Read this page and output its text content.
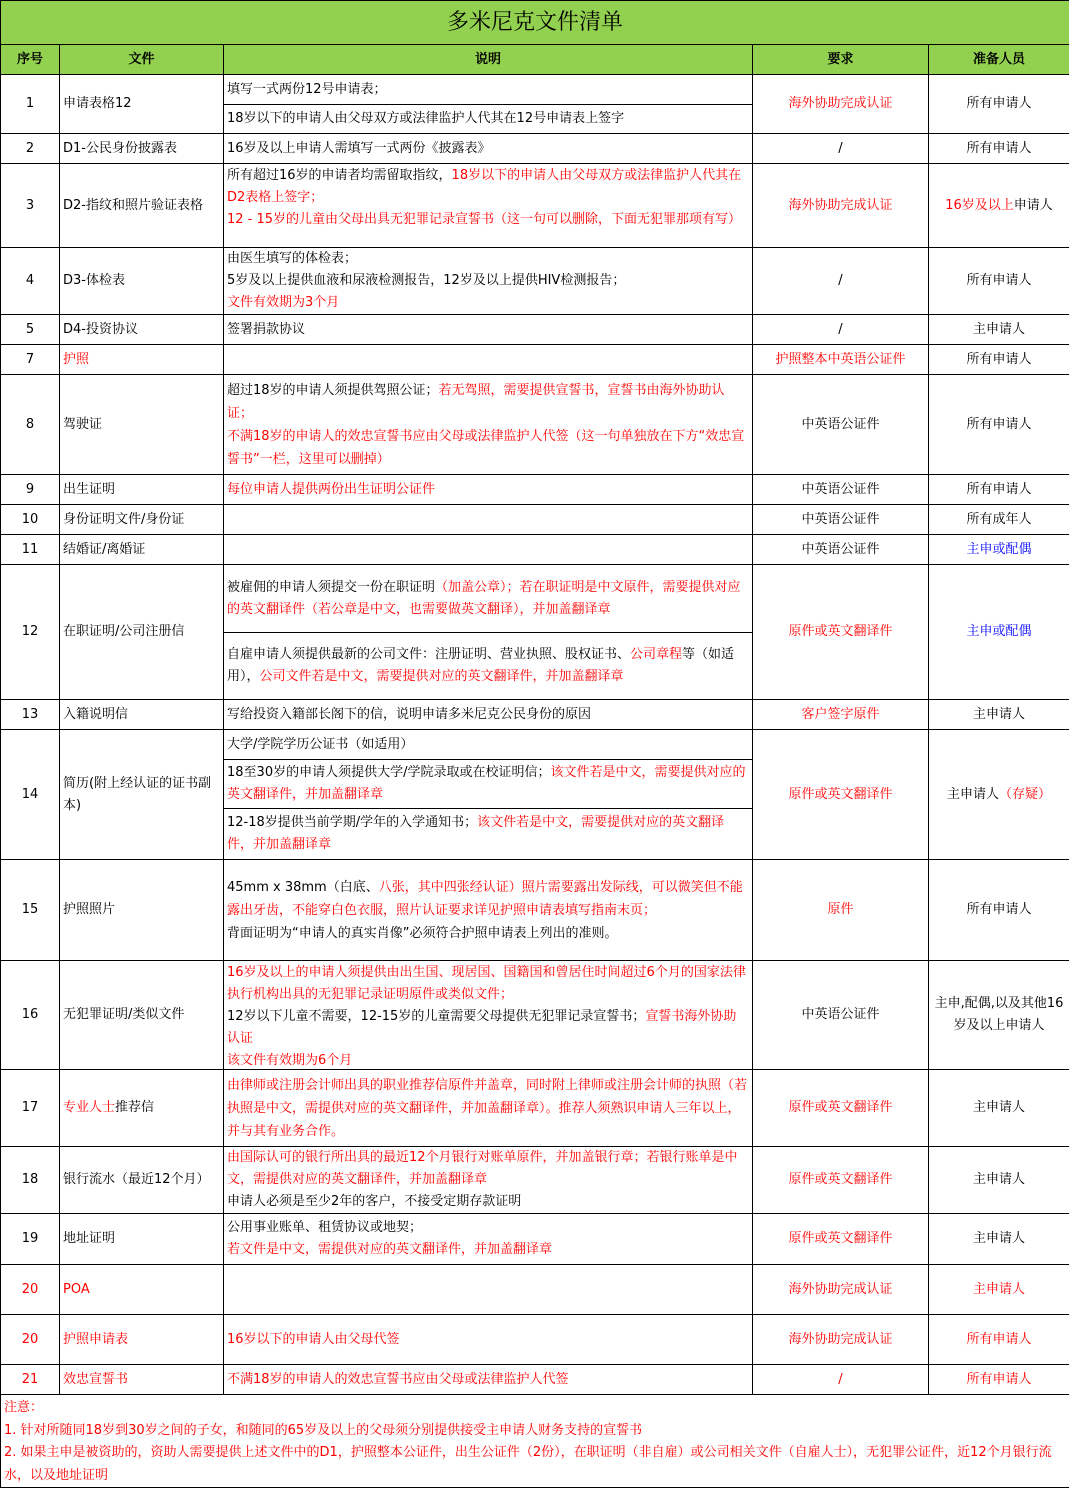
多米尼克文件清单
序号	文件	说明	要求	准备人员
1	申请表格12	
填写一式两份12号申请表；
18岁以下的申请人由父母双方或法律监护人代其在12号申请表上签字
	海外协助完成认证	所有申请人
2	D1-公民身份披露表	16岁及以上申请人需填写一式两份《披露表》	/	所有申请人
3	D2-指纹和照片验证表格	
所有超过16岁的申请者均需留取指纹，18岁以下的申请人由父母双方或法律监护人代其在D2表格上签字；
12 - 15岁的儿童由父母出具无犯罪记录宣誓书（这一句可以删除，下面无犯罪那项有写）
	海外协助完成认证	16岁及以上申请人
4	D3-体检表	由医生填写的体检表；
5岁及以上提供血液和尿液检测报告，12岁及以上提供HIV检测报告；
文件有效期为3个月	/	所有申请人
5	D4-投资协议	签署捐款协议	/	主申请人
7	护照		护照整本中英语公证件	所有申请人
8	驾驶证	超过18岁的申请人须提供驾照公证；若无驾照，需要提供宣誓书，宣誓书由海外协助认证；
不满18岁的申请人的效忠宣誓书应由父母或法律监护人代签（这一句单独放在下方“效忠宣誓书”一栏，这里可以删掉）	中英语公证件	所有申请人
9	出生证明	每位申请人提供两份出生证明公证件	中英语公证件	所有申请人
10	身份证明文件/身份证		中英语公证件	所有成年人
11	结婚证/离婚证		中英语公证件	主申或配偶
12	在职证明/公司注册信	
被雇佣的申请人须提交一份在职证明（加盖公章）；若在职证明是中文原件，需要提供对应的英文翻译件（若公章是中文，也需要做英文翻译），并加盖翻译章
自雇申请人须提供最新的公司文件：注册证明、营业执照、股权证书、公司章程等（如适用），公司文件若是中文，需要提供对应的英文翻译件，并加盖翻译章
	原件或英文翻译件	主申或配偶
13	入籍说明信	写给投资入籍部长阁下的信，说明申请多米尼克公民身份的原因	客户签字原件	主申请人
14	简历(附上经认证的证书副本)	
大学/学院学历公证书（如适用）
18至30岁的申请人须提供大学/学院录取或在校证明信；该文件若是中文，需要提供对应的英文翻译件，并加盖翻译章
12-18岁提供当前学期/学年的入学通知书；该文件若是中文，需要提供对应的英文翻译件，并加盖翻译章
	原件或英文翻译件	主申请人（存疑）
15	护照照片	45mm x 38mm（白底、八张，其中四张经认证）照片需要露出发际线，可以微笑但不能露出牙齿，不能穿白色衣服，照片认证要求详见护照申请表填写指南末页；
背面证明为“申请人的真实肖像”必须符合护照申请表上列出的准则。	原件	所有申请人
16	无犯罪证明/类似文件	
16岁及以上的申请人须提供由出生国、现居国、国籍国和曾居住时间超过6个月的国家法律执行机构出具的无犯罪记录证明原件或类似文件；
12岁以下儿童不需要，12-15岁的儿童需要父母提供无犯罪记录宣誓书；宣誓书海外协助认证
该文件有效期为6个月
	中英语公证件	主申,配偶,以及其他16岁及以上申请人
17	专业人士推荐信	由律师或注册会计师出具的职业推荐信原件并盖章，同时附上律师或注册会计师的执照（若执照是中文，需提供对应的英文翻译件，并加盖翻译章）。推荐人须熟识申请人三年以上，并与其有业务合作。	原件或英文翻译件	主申请人
18	银行流水（最近12个月）	由国际认可的银行所出具的最近12个月银行对账单原件，并加盖银行章；若银行账单是中文，需提供对应的英文翻译件，并加盖翻译章
申请人必须是至少2年的客户，不接受定期存款证明	原件或英文翻译件	主申请人
19	地址证明	公用事业账单、租赁协议或地契；
若文件是中文，需提供对应的英文翻译件，并加盖翻译章	原件或英文翻译件	主申请人
20	POA		海外协助完成认证	主申请人
20	护照申请表	16岁以下的申请人由父母代签	海外协助完成认证	所有申请人
21	效忠宣誓书	不满18岁的申请人的效忠宣誓书应由父母或法律监护人代签	/	所有申请人

注意：
1. 针对所随同18岁到30岁之间的子女，和随同的65岁及以上的父母须分别提供接受主申请人财务支持的宣誓书
2. 如果主申是被资助的，资助人需要提供上述文件中的D1，护照整本公证件，出生公证件（2份），在职证明（非自雇）或公司相关文件（自雇人士），无犯罪公证件，近12个月银行流水，以及地址证明
